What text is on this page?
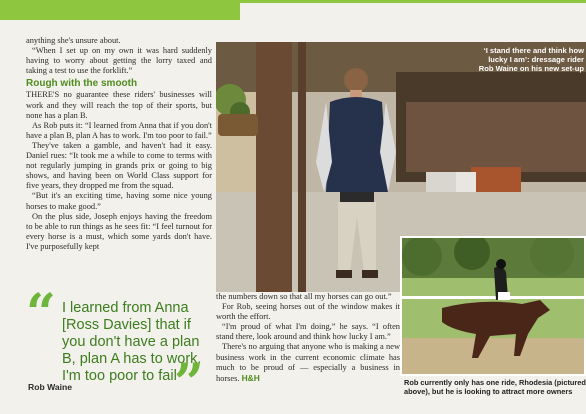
anything she's unsure about.

“When I set up on my own it was hard suddenly having to worry about getting the lorry taxed and taking a test to use the forklift.”

Rough with the smooth

THERE'S no guarantee these riders' businesses will work and they will reach the top of their sports, but none has a plan B.

As Rob puts it: “I learned from Anna that if you don't have a plan B, plan A has to work. I'm too poor to fail.”

They've taken a gamble, and haven't had it easy. Daniel rues: “It took me a while to come to terms with not regularly jumping in grands prix or going to big shows, and having been on World Class support for five years, they dropped me from the squad.

“But it's an exciting time, having some nice young horses to make good.”

On the plus side, Joseph enjoys having the freedom to be able to run things as he sees fit: “I feel turnout for every horse is a must, which some yards don't have. I've purposefully kept

“ I learned from Anna [Ross Davies] that if you don't have a plan B, plan A has to work. I'm too poor to fail
Rob Waine ”
‘I stand there and think how lucky I am’: dressage rider Rob Waine on his new set-up
Rob currently only has one ride, Rhodesia (pictured above), but he is looking to attract more owners

the numbers down so that all my horses can go out.”

For Rob, seeing horses out of the window makes it worth the effort.

“I'm proud of what I'm doing,” he says. “I often stand there, look around and think how lucky I am.”

There's no arguing that anyone who is making a new business work in the current economic climate has much to be proud of — especially a business in horses. H&H
